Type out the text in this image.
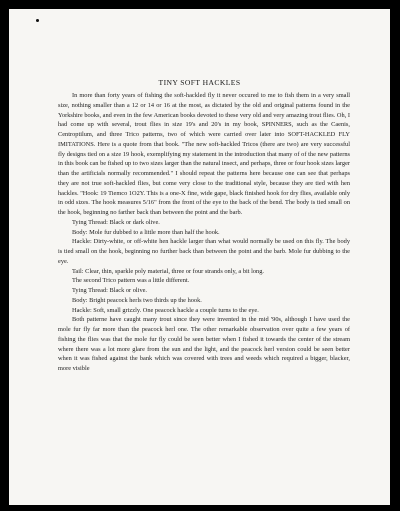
TINY SOFT HACKLES

In more than forty years of fishing the soft-hackled fly it never occured to me to fish them in a very small size, nothing smaller than a 12 or 14 or 16 at the most, as dictated by the old and original patterns found in the Yorkshire books, and even in the few American books devoted to these very old and very amazing trout flies. Oh, I had come up with several, trout flies in size 19's and 20's in my book, SPINNERS, such as the Caenis, Centroptilum, and three Trico patterns, two of which were carried over later into SOFT-HACKLED FLY IMITATIONS. Here is a quote from that book. "The new soft-hackled Tricos (there are two) are very successful fly designs tied on a size 19 hook, exemplifying my statement in the introduction that many of of the new patterns in this book can be fished up to two sizes larger than the natural insect, and perhaps, three or four hook sizes larger than the artificials normally recommended." I should repeat the patterns here because one can see that perhaps they are not true soft-hackled flies, but come very close to the traditional style, because they are tied with hen hackles. "Hook: 19 Tiemco 1O2Y. This is a one-X fine, wide gape, black finished hook for dry flies, available only in odd sizes. The hook measures 5/16" from the front of the eye to the back of the bend. The body is tied small on the hook, beginning no farther back than between the point and the barb.

Tying Thread: Black or dark olive.

Body: Mole fur dubbed to a little more than half the hook.

Hackle: Dirty-white, or off-white hen hackle larger than what would normally be used on this fly. The body is tied small on the hook, beginning no further back than between the point and the barb. Mole fur dubbing to the eye.

Tail: Clear, thin, sparkle poly material, three or four strands only, a bit long.

The second Trico pattern was a little different.

Tying Thread: Black or olive.

Body: Bright peacock herls two thirds up the hook.

Hackle: Soft, small grizzly. One peacock hackle a couple turns to the eye.

Both patterne have caught many trout since they were invented in the mid '90s, although I have used the mole fur fly far more than the peacock herl one. The other remarkable observation over quite a few years of fishing the flies was that the mole fur fly could be seen better when I fished it towards the center of the stream where there was a lot more glare from the sun and the light, and the peacock herl version could be seen better when it was fished against the bank which was covered with trees and weeds which required a bigger, blacker, more visible
